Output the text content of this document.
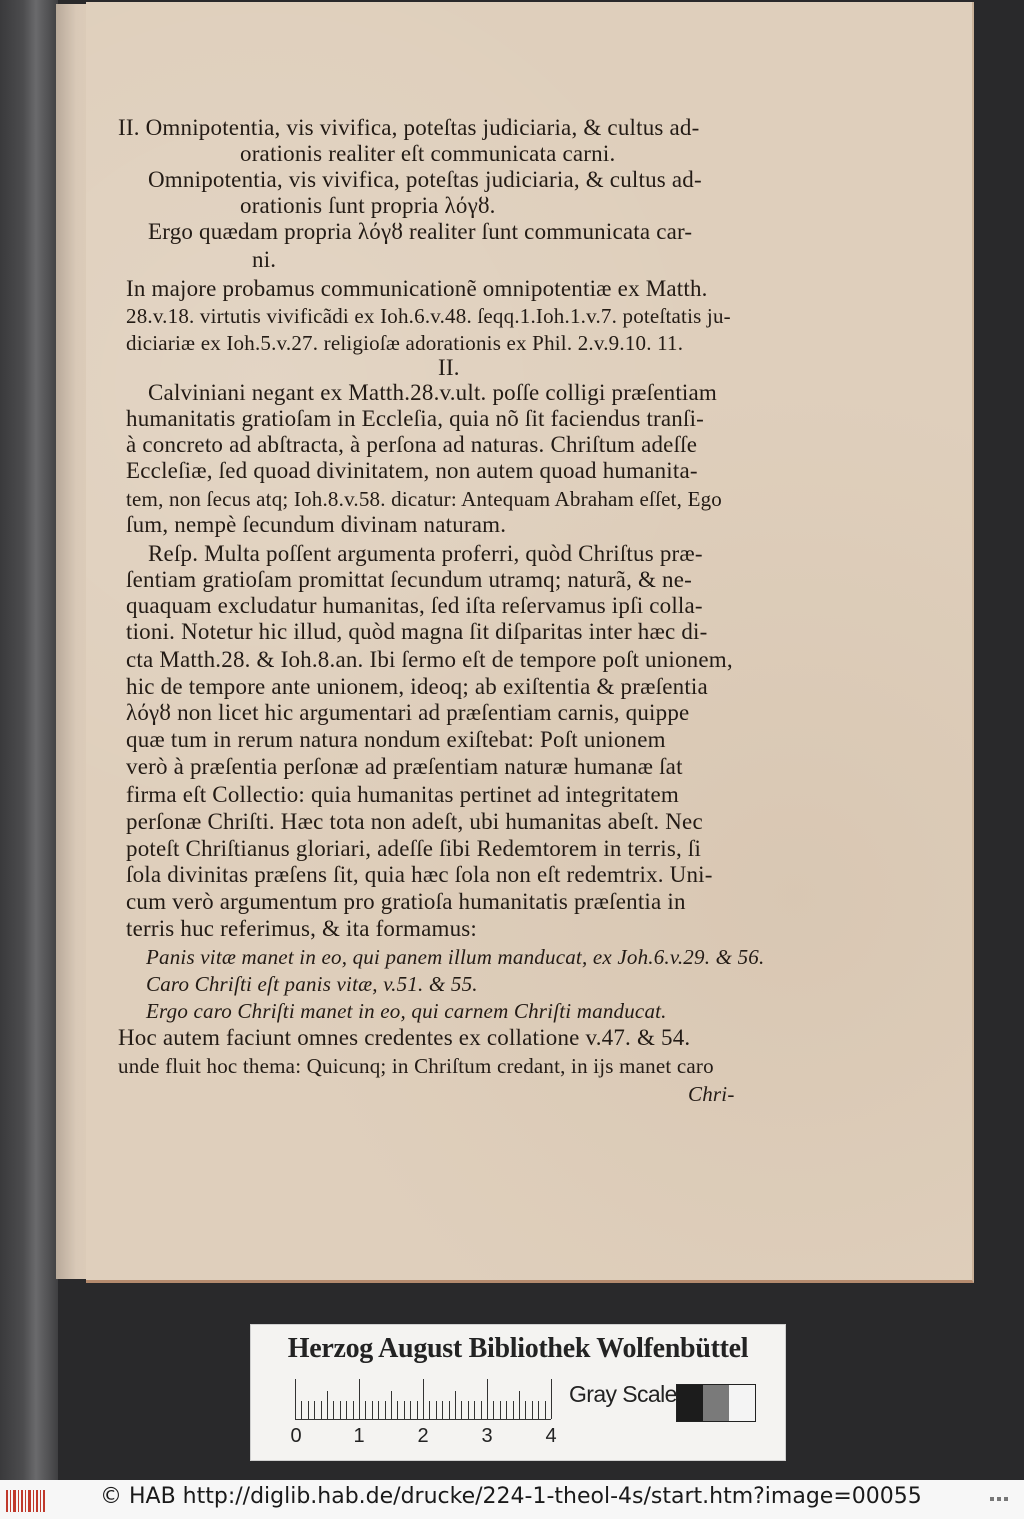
II. Omnipotentia, vis vivifica, poteſtas judiciaria, & cultus ad-
orationis realiter eſt communicata carni.
Omnipotentia, vis vivifica, poteſtas judiciaria, & cultus ad-
orationis ſunt propria λόγȣ.
Ergo quædam propria λόγȣ realiter ſunt communicata car-
ni.
In majore probamus communicationẽ omnipotentiæ ex Matth.
28.v.18. virtutis vivificãdi ex Ioh.6.v.48. ſeqq.1.Ioh.1.v.7. poteſtatis ju-
diciariæ ex Ioh.5.v.27. religioſæ adorationis ex Phil. 2.v.9.10. 11.
II.
Calviniani negant ex Matth.28.v.ult. poſſe colligi præſentiam
humanitatis gratioſam in Eccleſia, quia nõ ſit faciendus tranſi-
à concreto ad abſtracta, à perſona ad naturas. Chriſtum adeſſe
Eccleſiæ, ſed quoad divinitatem, non autem quoad humanita-
tem, non ſecus atq; Ioh.8.v.58. dicatur: Antequam Abraham eſſet, Ego
ſum, nempè ſecundum divinam naturam.
Reſp. Multa poſſent argumenta proferri, quòd Chriſtus præ-
ſentiam gratioſam promittat ſecundum utramq; naturã, & ne-
quaquam excludatur humanitas, ſed iſta reſervamus ipſi colla-
tioni. Notetur hic illud, quòd magna ſit diſparitas inter hæc di-
cta Matth.28. & Ioh.8.an. Ibi ſermo eſt de tempore poſt unionem,
hic de tempore ante unionem, ideoq; ab exiſtentia & præſentia
λόγȣ non licet hic argumentari ad præſentiam carnis, quippe
quæ tum in rerum natura nondum exiſtebat: Poſt unionem
verò à præſentia perſonæ ad præſentiam naturæ humanæ ſat
firma eſt Collectio: quia humanitas pertinet ad integritatem
perſonæ Chriſti. Hæc tota non adeſt, ubi humanitas abeſt. Nec
poteſt Chriſtianus gloriari, adeſſe ſibi Redemtorem in terris, ſi
ſola divinitas præſens ſit, quia hæc ſola non eſt redemtrix. Uni-
cum verò argumentum pro gratioſa humanitatis præſentia in
terris huc referimus, & ita formamus:
Panis vitæ manet in eo, qui panem illum manducat, ex Joh.6.v.29. & 56.
Caro Chriſti eſt panis vitæ, v.51. & 55.
Ergo caro Chriſti manet in eo, qui carnem Chriſti manducat.
Hoc autem faciunt omnes credentes ex collatione v.47. & 54.
unde fluit hoc thema: Quicunq; in Chriſtum credant, in ijs manet caro
Chri-
Herzog August Bibliothek Wolfenbüttel
0	1	2	3	4
Gray Scale
© HAB http://diglib.hab.de/drucke/224-1-theol-4s/start.htm?image=00055
